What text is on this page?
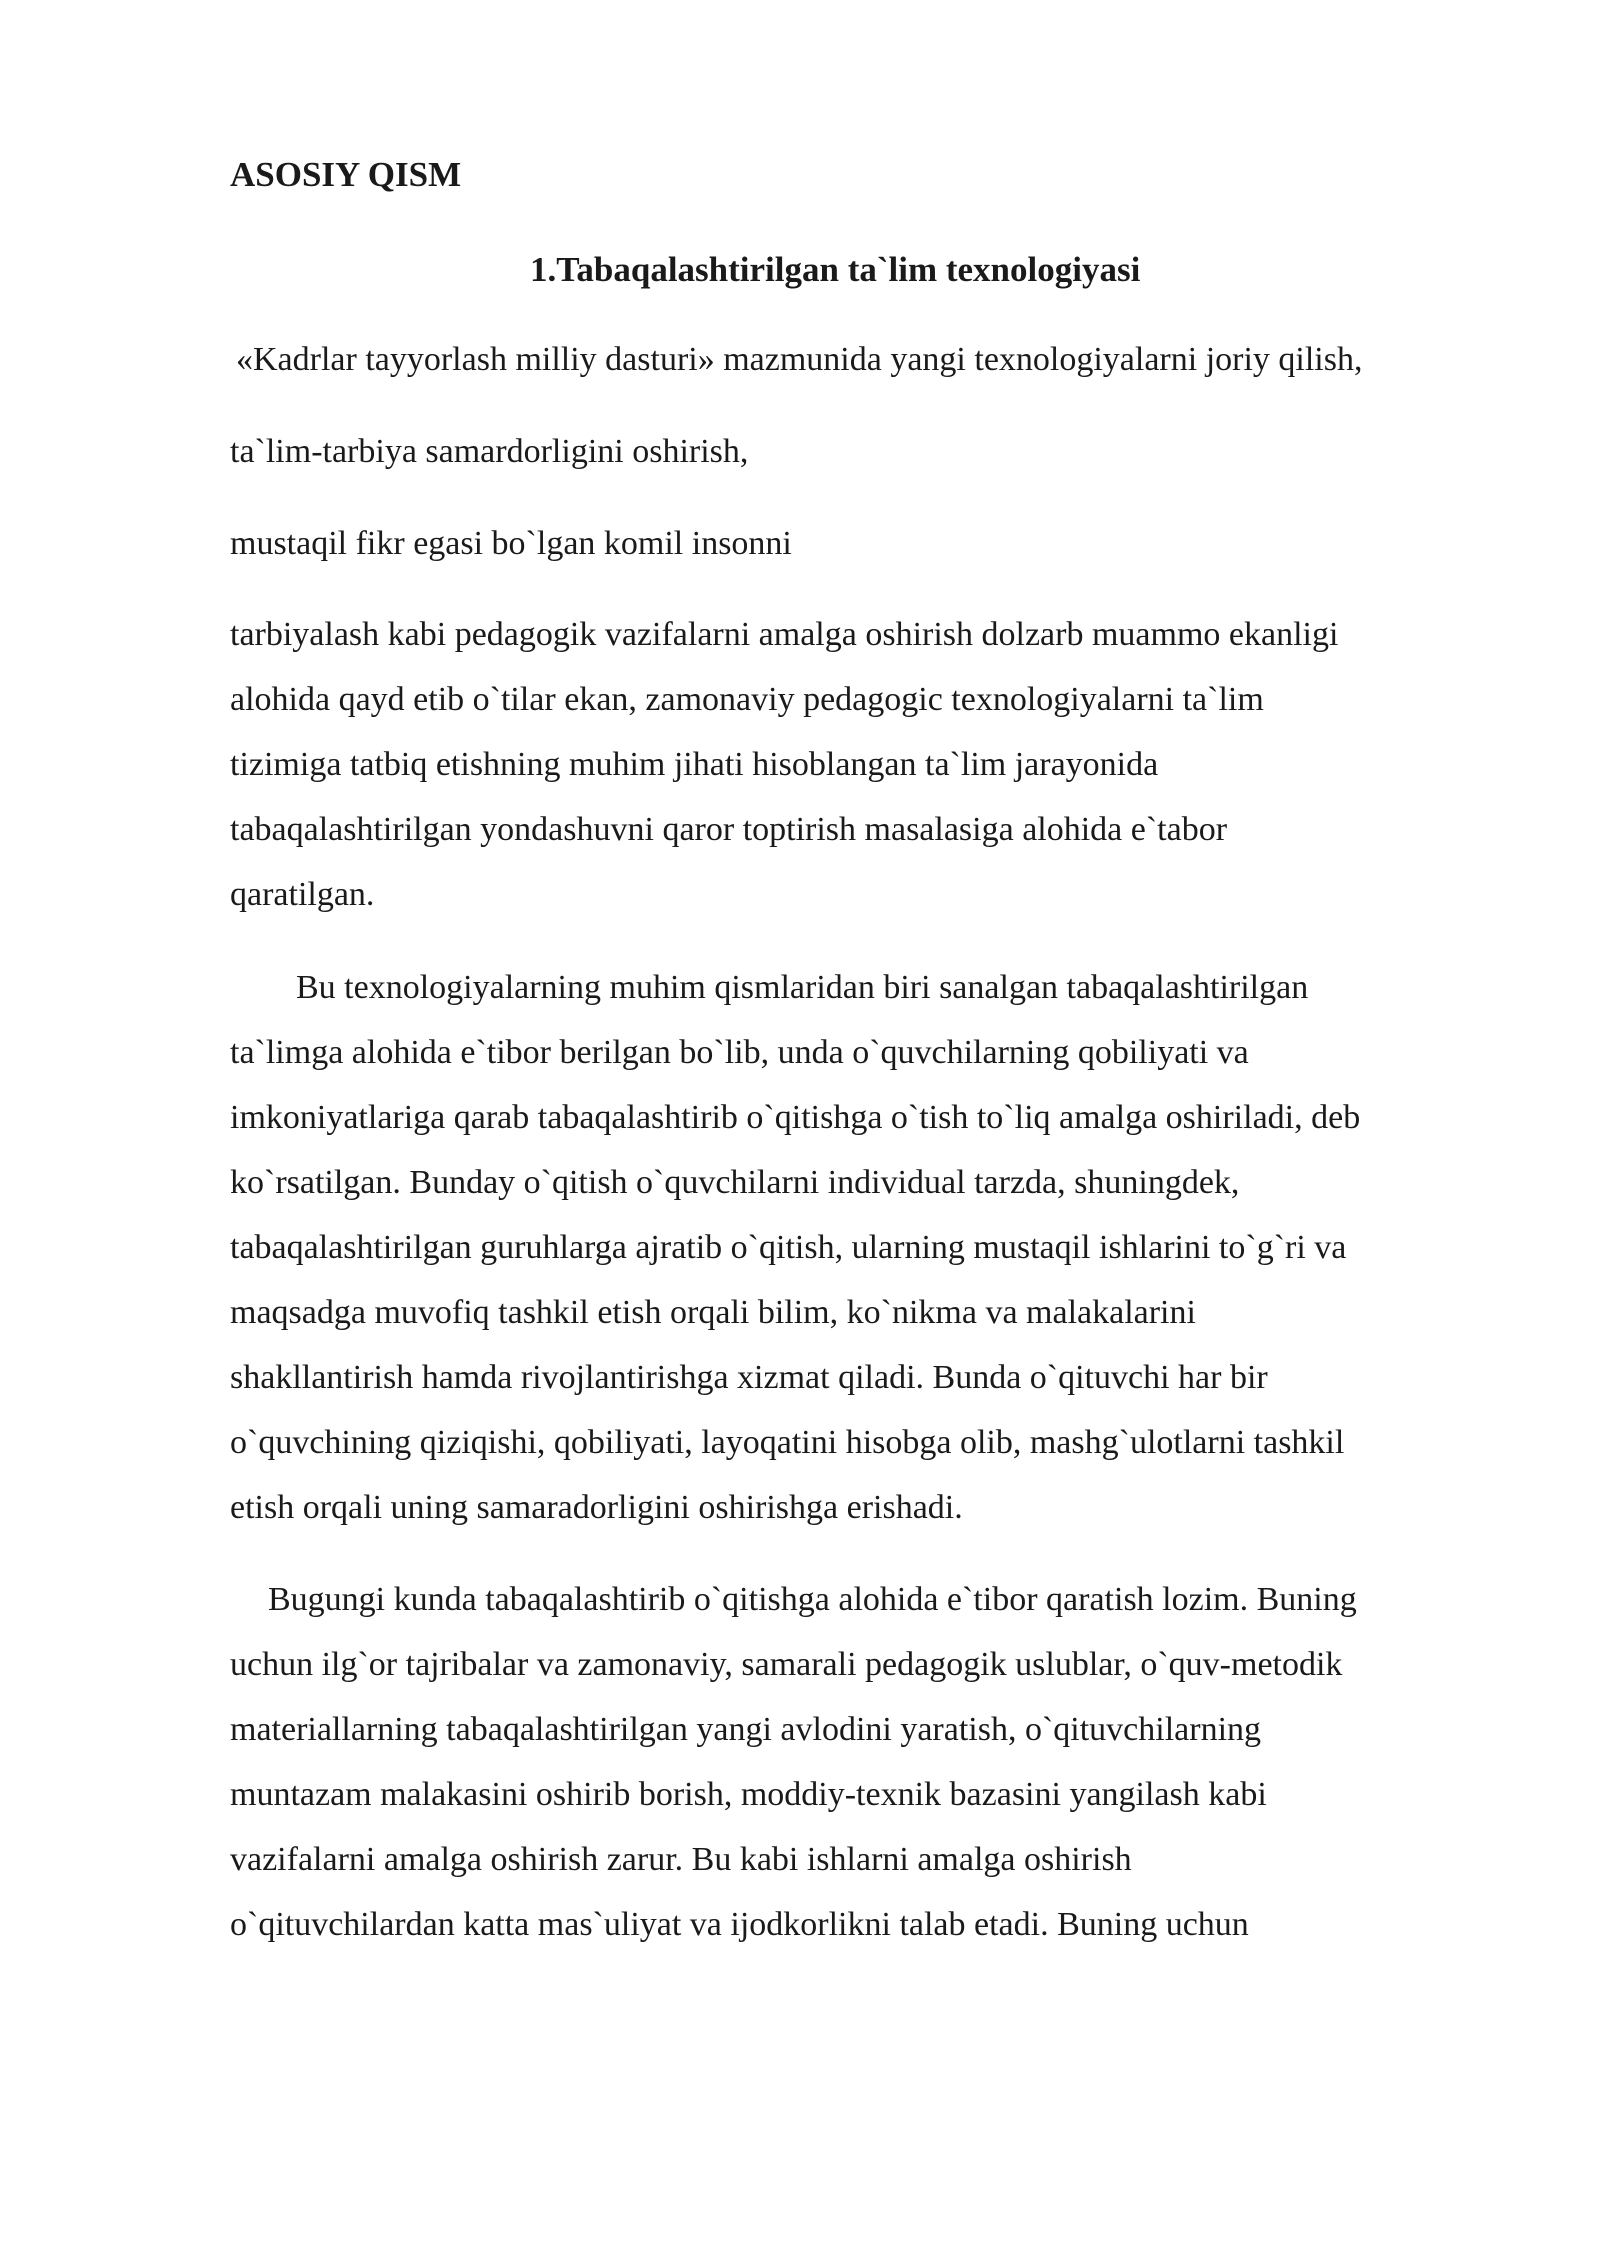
ASOSIY QISM
1.Tabaqalashtirilgan ta`lim texnologiyasi
«Kadrlar tayyorlash milliy dasturi» mazmunida yangi texnologiyalarni joriy qilish,
ta`lim-tarbiya samardorligini oshirish,
mustaqil fikr egasi bo`lgan komil insonni
tarbiyalash kabi pedagogik vazifalarni amalga oshirish dolzarb muammo ekanligi
alohida qayd etib o`tilar ekan, zamonaviy pedagogic texnologiyalarni ta`lim
tizimiga tatbiq etishning muhim jihati hisoblangan ta`lim jarayonida
tabaqalashtirilgan yondashuvni qaror toptirish masalasiga alohida e`tabor
qaratilgan.
Bu texnologiyalarning muhim qismlaridan biri sanalgan tabaqalashtirilgan
ta`limga alohida e`tibor berilgan bo`lib, unda o`quvchilarning qobiliyati va
imkoniyatlariga qarab tabaqalashtirib o`qitishga o`tish to`liq amalga oshiriladi, deb
ko`rsatilgan. Bunday o`qitish o`quvchilarni individual tarzda, shuningdek,
tabaqalashtirilgan guruhlarga ajratib o`qitish, ularning mustaqil ishlarini to`g`ri va
maqsadga muvofiq tashkil etish orqali bilim, ko`nikma va malakalarini
shakllantirish hamda rivojlantirishga xizmat qiladi. Bunda o`qituvchi har bir
o`quvchining qiziqishi, qobiliyati, layoqatini hisobga olib, mashg`ulotlarni tashkil
etish orqali uning samaradorligini oshirishga erishadi.
Bugungi kunda tabaqalashtirib o`qitishga alohida e`tibor qaratish lozim. Buning
uchun ilg`or tajribalar va zamonaviy, samarali pedagogik uslublar, o`quv-metodik
materiallarning tabaqalashtirilgan yangi avlodini yaratish, o`qituvchilarning
muntazam malakasini oshirib borish, moddiy-texnik bazasini yangilash kabi
vazifalarni amalga oshirish zarur. Bu kabi ishlarni amalga oshirish
o`qituvchilardan katta mas`uliyat va ijodkorlikni talab etadi. Buning uchun
